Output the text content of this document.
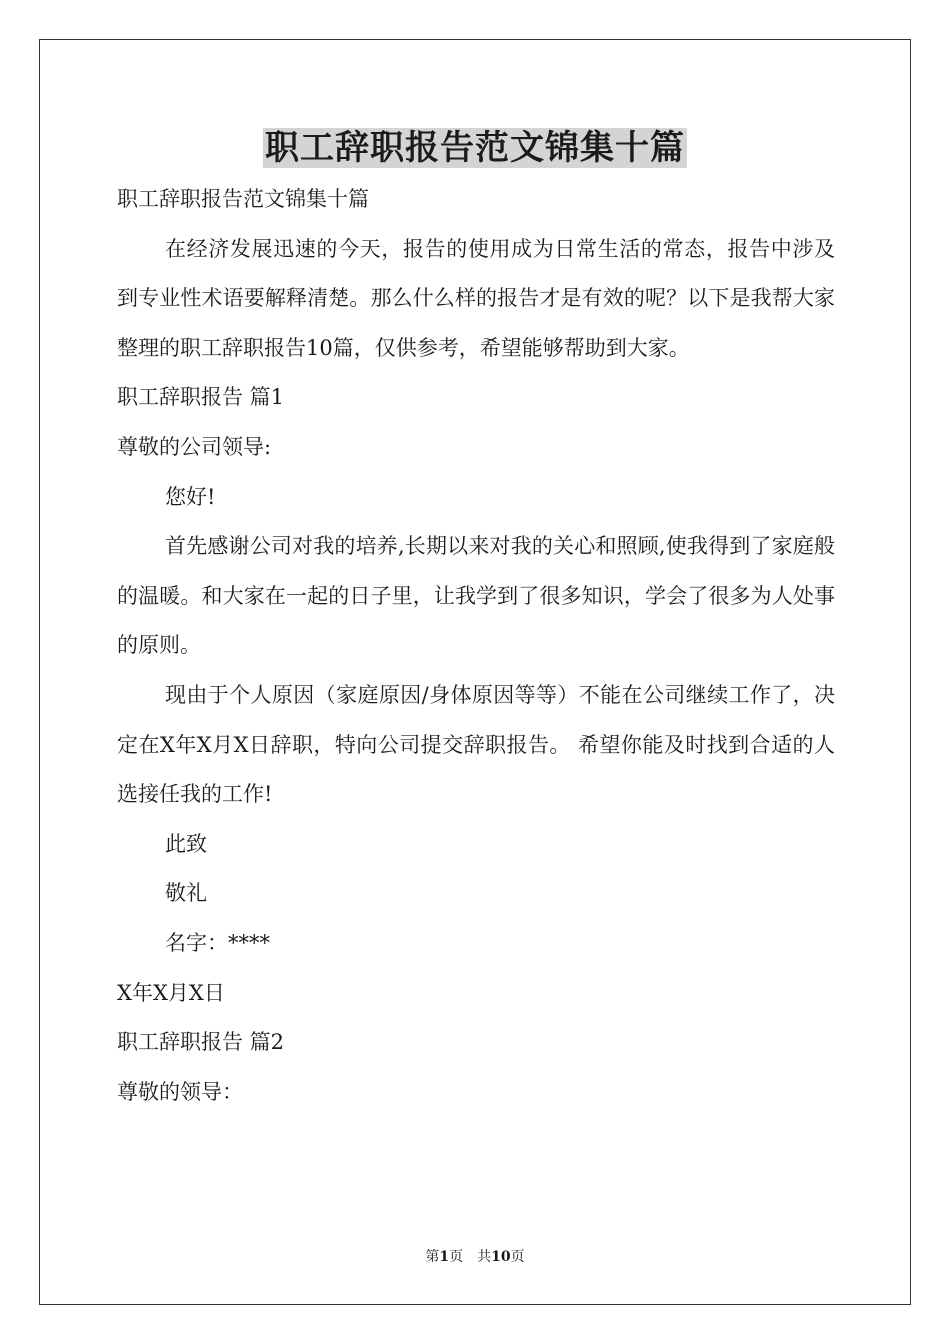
职工辞职报告范文锦集十篇

职工辞职报告范文锦集十篇

在经济发展迅速的今天，报告的使用成为日常生活的常态，报告中涉及到专业性术语要解释清楚。那么什么样的报告才是有效的呢？以下是我帮大家整理的职工辞职报告10篇，仅供参考，希望能够帮助到大家。

职工辞职报告 篇1

尊敬的公司领导:

您好!

首先感谢公司对我的培养,长期以来对我的关心和照顾,使我得到了家庭般的温暖。和大家在一起的日子里，让我学到了很多知识，学会了很多为人处事的原则。

现由于个人原因（家庭原因/身体原因等等）不能在公司继续工作了，决定在X年X月X日辞职，特向公司提交辞职报告。 希望你能及时找到合适的人选接任我的工作!

此致

敬礼

名字：****

X年X月X日

职工辞职报告 篇2

尊敬的领导：

第1页 共10页
